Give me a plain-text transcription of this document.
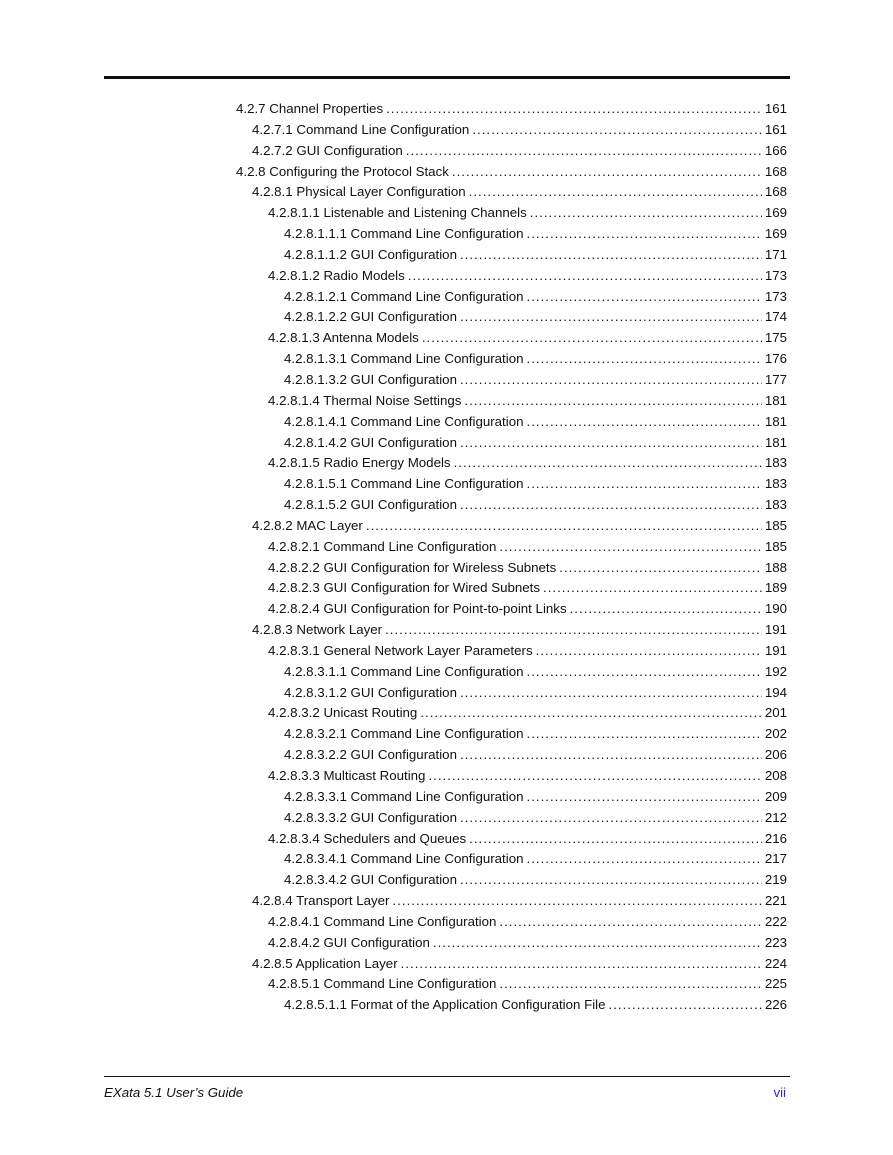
4.2.7 Channel Properties .....	161
4.2.7.1 Command Line Configuration .....	161
4.2.7.2 GUI Configuration .....	166
4.2.8 Configuring the Protocol Stack .....	168
4.2.8.1 Physical Layer Configuration .....	168
4.2.8.1.1 Listenable and Listening Channels .....	169
4.2.8.1.1.1 Command Line Configuration .....	169
4.2.8.1.1.2 GUI Configuration .....	171
4.2.8.1.2 Radio Models .....	173
4.2.8.1.2.1 Command Line Configuration .....	173
4.2.8.1.2.2 GUI Configuration .....	174
4.2.8.1.3 Antenna Models .....	175
4.2.8.1.3.1 Command Line Configuration .....	176
4.2.8.1.3.2 GUI Configuration .....	177
4.2.8.1.4 Thermal Noise Settings .....	181
4.2.8.1.4.1 Command Line Configuration .....	181
4.2.8.1.4.2 GUI Configuration .....	181
4.2.8.1.5 Radio Energy Models .....	183
4.2.8.1.5.1 Command Line Configuration .....	183
4.2.8.1.5.2 GUI Configuration .....	183
4.2.8.2 MAC Layer .....	185
4.2.8.2.1 Command Line Configuration .....	185
4.2.8.2.2 GUI Configuration for Wireless Subnets .....	188
4.2.8.2.3 GUI Configuration for Wired Subnets .....	189
4.2.8.2.4 GUI Configuration for Point-to-point Links .....	190
4.2.8.3 Network Layer .....	191
4.2.8.3.1 General Network Layer Parameters .....	191
4.2.8.3.1.1 Command Line Configuration .....	192
4.2.8.3.1.2 GUI Configuration .....	194
4.2.8.3.2 Unicast Routing .....	201
4.2.8.3.2.1 Command Line Configuration .....	202
4.2.8.3.2.2 GUI Configuration .....	206
4.2.8.3.3 Multicast Routing .....	208
4.2.8.3.3.1 Command Line Configuration .....	209
4.2.8.3.3.2 GUI Configuration .....	212
4.2.8.3.4 Schedulers and Queues .....	216
4.2.8.3.4.1 Command Line Configuration .....	217
4.2.8.3.4.2 GUI Configuration .....	219
4.2.8.4 Transport Layer .....	221
4.2.8.4.1 Command Line Configuration .....	222
4.2.8.4.2 GUI Configuration .....	223
4.2.8.5 Application Layer .....	224
4.2.8.5.1 Command Line Configuration .....	225
4.2.8.5.1.1 Format of the Application Configuration File .....	226
EXata 5.1 User’s Guide	vii
